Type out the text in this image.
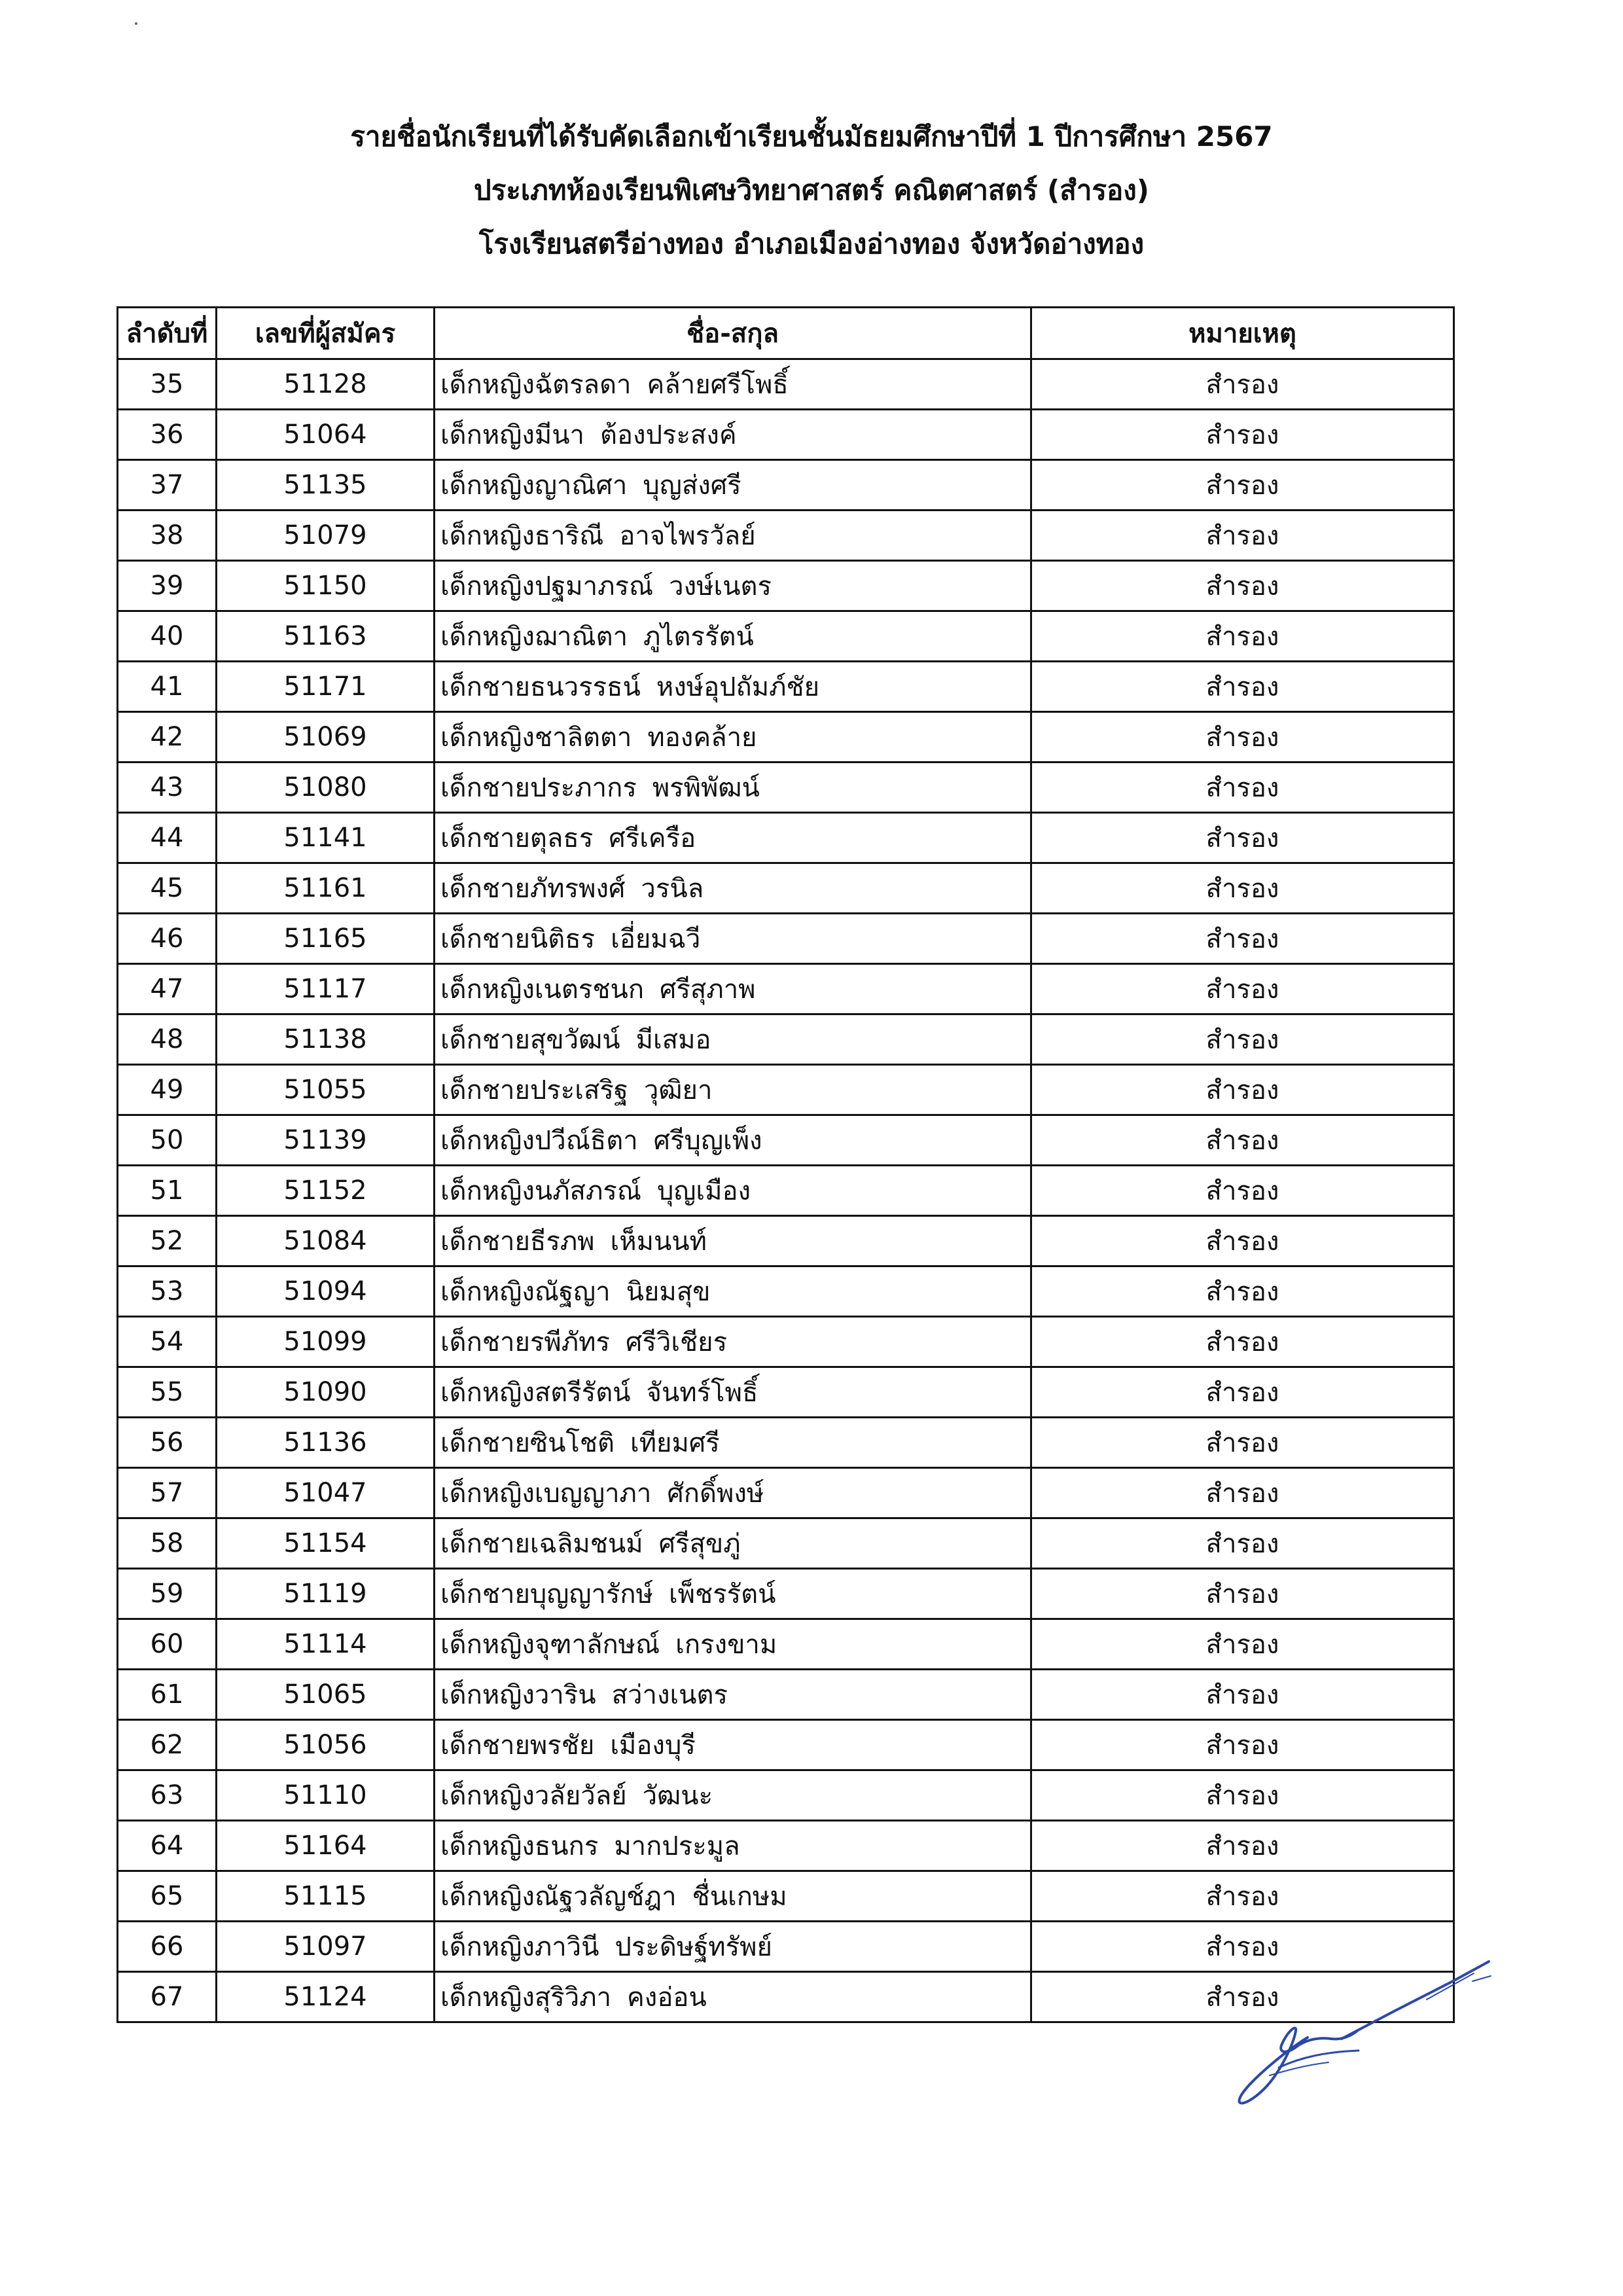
รายชื่อนักเรียนที่ได้รับคัดเลือกเข้าเรียนชั้นมัธยมศึกษาปีที่ 1 ปีการศึกษา 2567
ประเภทห้องเรียนพิเศษวิทยาศาสตร์ คณิตศาสตร์ (สำรอง)
โรงเรียนสตรีอ่างทอง อำเภอเมืองอ่างทอง จังหวัดอ่างทอง
ลำดับที่	เลขที่ผู้สมัคร	ชื่อ-สกุล	หมายเหตุ
35	51128	เด็กหญิงฉัตรลดา คล้ายศรีโพธิ์	สำรอง
36	51064	เด็กหญิงมีนา ต้องประสงค์	สำรอง
37	51135	เด็กหญิงญาณิศา บุญส่งศรี	สำรอง
38	51079	เด็กหญิงธาริณี อาจไพรวัลย์	สำรอง
39	51150	เด็กหญิงปฐมาภรณ์ วงษ์เนตร	สำรอง
40	51163	เด็กหญิงฌาณิตา ภูไตรรัตน์	สำรอง
41	51171	เด็กชายธนวรรธน์ หงษ์อุปถัมภ์ชัย	สำรอง
42	51069	เด็กหญิงชาลิตตา ทองคล้าย	สำรอง
43	51080	เด็กชายประภากร พรพิพัฒน์	สำรอง
44	51141	เด็กชายตุลธร ศรีเครือ	สำรอง
45	51161	เด็กชายภัทรพงศ์ วรนิล	สำรอง
46	51165	เด็กชายนิติธร เอี่ยมฉวี	สำรอง
47	51117	เด็กหญิงเนตรชนก ศรีสุภาพ	สำรอง
48	51138	เด็กชายสุขวัฒน์ มีเสมอ	สำรอง
49	51055	เด็กชายประเสริฐ วุฒิยา	สำรอง
50	51139	เด็กหญิงปวีณ์ธิตา ศรีบุญเพ็ง	สำรอง
51	51152	เด็กหญิงนภัสภรณ์ บุญเมือง	สำรอง
52	51084	เด็กชายธีรภพ เห็มนนท์	สำรอง
53	51094	เด็กหญิงณัฐญา นิยมสุข	สำรอง
54	51099	เด็กชายรพีภัทร ศรีวิเชียร	สำรอง
55	51090	เด็กหญิงสตรีรัตน์ จันทร์โพธิ์	สำรอง
56	51136	เด็กชายซินโชติ เทียมศรี	สำรอง
57	51047	เด็กหญิงเบญญาภา ศักดิ์พงษ์	สำรอง
58	51154	เด็กชายเฉลิมชนม์ ศรีสุขภู่	สำรอง
59	51119	เด็กชายบุญญารักษ์ เพ็ชรรัตน์	สำรอง
60	51114	เด็กหญิงจุฑาลักษณ์ เกรงขาม	สำรอง
61	51065	เด็กหญิงวาริน สว่างเนตร	สำรอง
62	51056	เด็กชายพรชัย เมืองบุรี	สำรอง
63	51110	เด็กหญิงวลัยวัลย์ วัฒนะ	สำรอง
64	51164	เด็กหญิงธนกร มากประมูล	สำรอง
65	51115	เด็กหญิงณัฐวลัญช์ฎา ชื่นเกษม	สำรอง
66	51097	เด็กหญิงภาวินี ประดิษฐ์ทรัพย์	สำรอง
67	51124	เด็กหญิงสุริวิภา คงอ่อน	สำรอง
